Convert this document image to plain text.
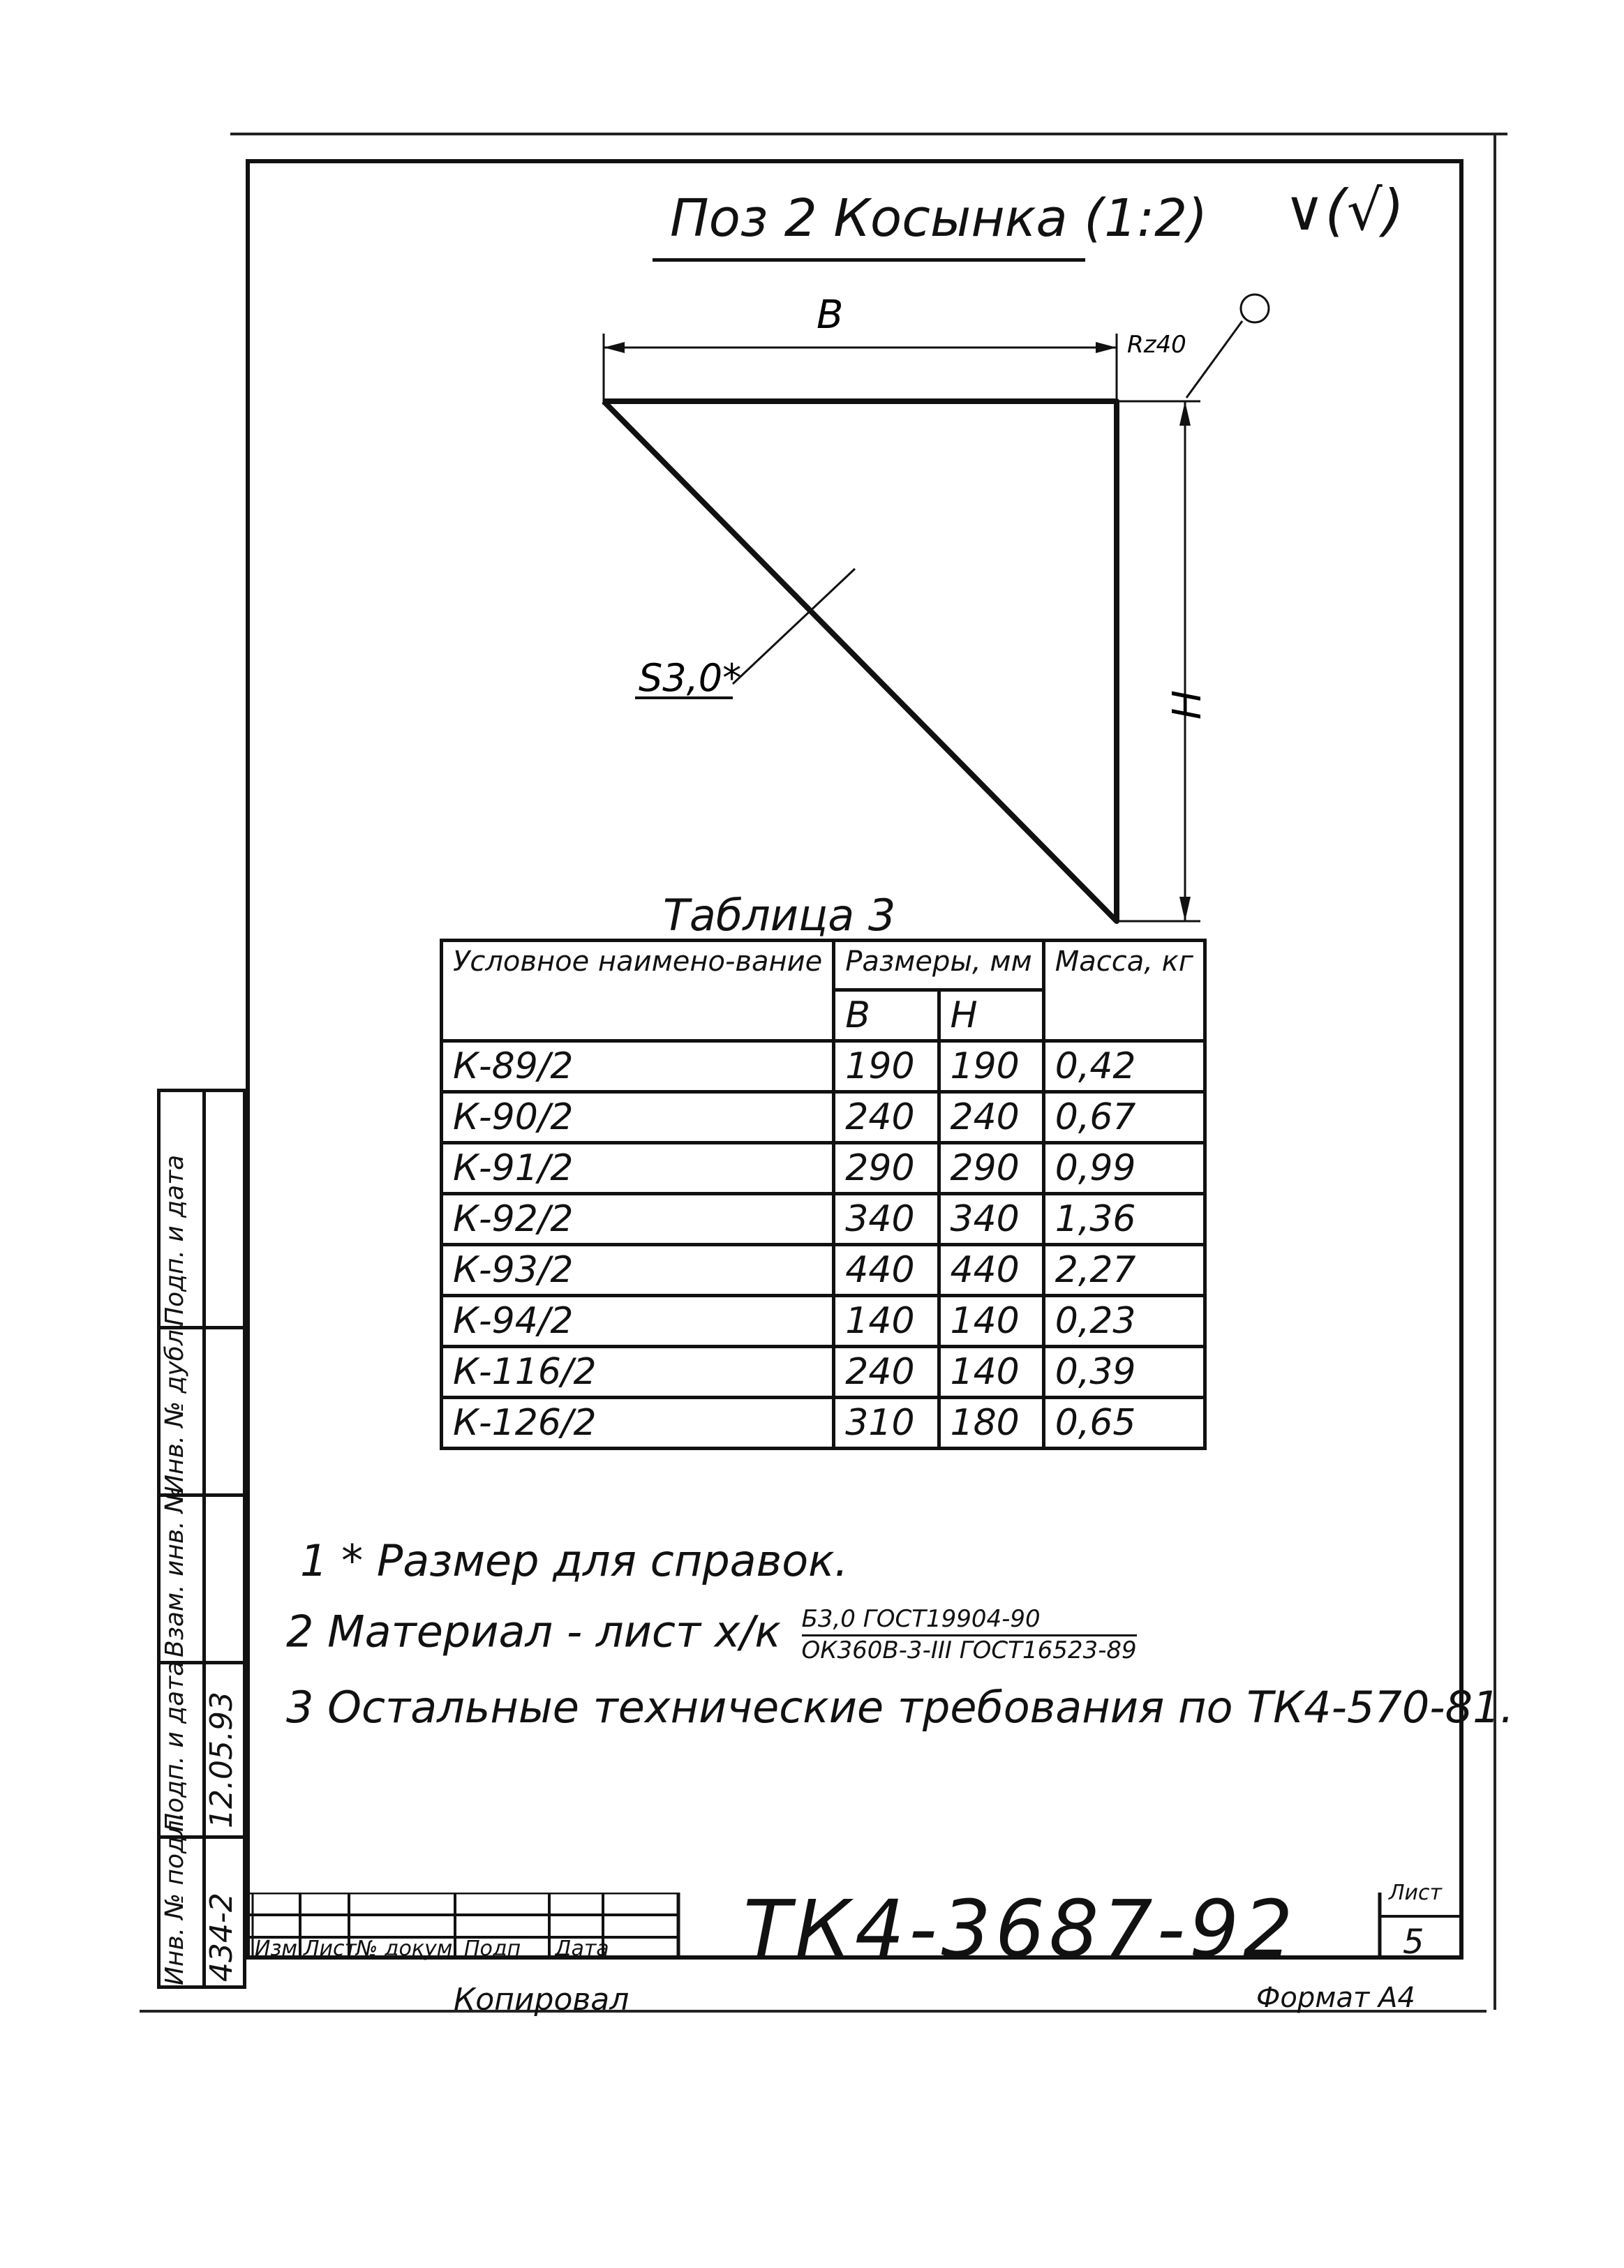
Поз 2 Косынка (1:2) ∨(√)
B
H
Rz40
S3,0*
Таблица 3
Условное наимено-вание	Размеры, мм		Масса, кг
	B	H	
К-89/2	190	190	0,42
К-90/2	240	240	0,67
К-91/2	290	290	0,99
К-92/2	340	340	1,36
К-93/2	440	440	2,27
К-94/2	140	140	0,23
К-116/2	240	140	0,39
К-126/2	310	180	0,65
1 * Размер для справок.
2 Материал - лист $х/к \frac{\text{Б3,0 ГОСТ19904-90}}{\text{ОК360В-3-III ГОСТ16523-89}}$
3 Остальные технические требования по ТК4-570-81.
Подп. и дата
Инв. № дубл.
Взам. инв. №
Подп. и дата
Инв. № подл.
12.05.93
434-2 Изм Лист
№ докум Подп Дата ТК4-3687-92	Лист
5
Копировал	Формат А4
